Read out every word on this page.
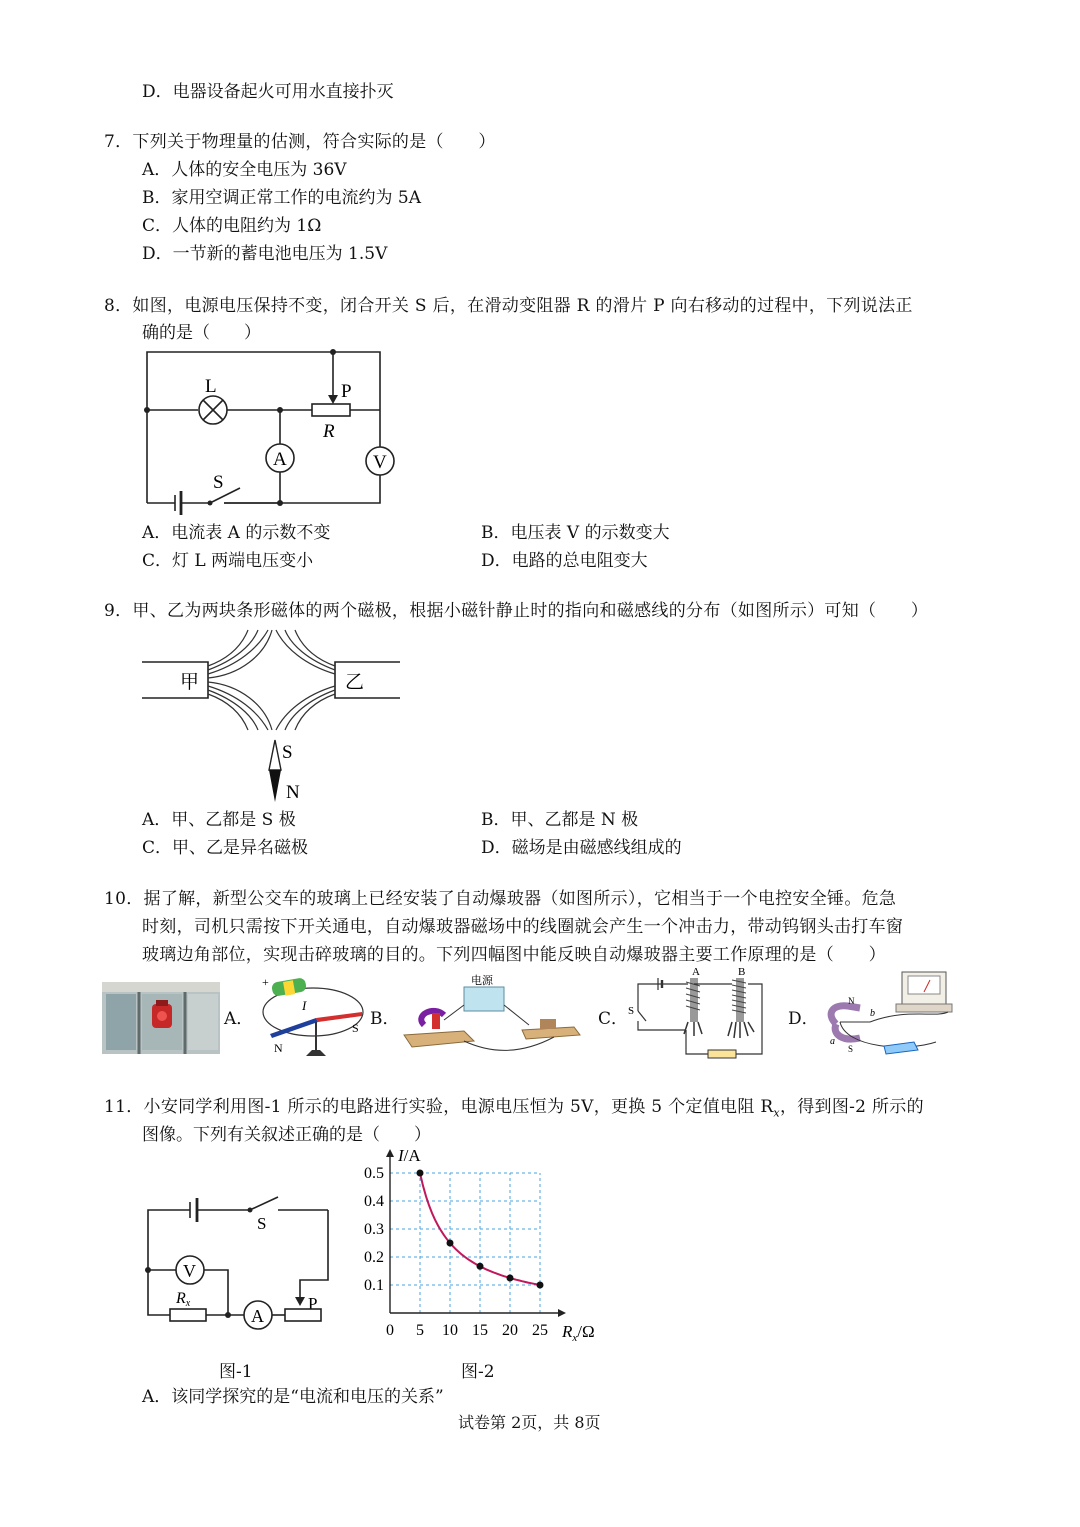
D．电器设备起火可用水直接扑灭
7．下列关于物理量的估测，符合实际的是（　　）
A．人体的安全电压为 36V
B．家用空调正常工作的电流约为 5A
C．人体的电阻约为 1Ω
D．一节新的蓄电池电压为 1.5V
8．如图，电源电压保持不变，闭合开关 S 后，在滑动变阻器 R 的滑片 P 向右移动的过程中，下列说法正
确的是（　　）
S
L
R
P
A	V
A．电流表 A 的示数不变	B．电压表 V 的示数变大
C．灯 L 两端电压变小	D．电路的总电阻变大
9．甲、乙为两块条形磁体的两个磁极，根据小磁针静止时的指向和磁感线的分布（如图所示）可知（　　）
甲	乙
S
N
A．甲、乙都是 S 极	B．甲、乙都是 N 极
C．甲、乙是异名磁极	D．磁场是由磁感线组成的
10．据了解，新型公交车的玻璃上已经安装了自动爆玻器（如图所示），它相当于一个电控安全锤。危急
时刻，司机只需按下开关通电，自动爆玻器磁场中的线圈就会产生一个冲击力，带动钨钢头击打车窗
玻璃边角部位，实现击碎玻璃的目的。下列四幅图中能反映自动爆玻器主要工作原理的是（　　）
A．
+
I
N
S B．
电源
C．
A	B
S	D．
N
S
a
b
11．小安同学利用图-1 所示的电路进行实验，电源电压恒为 5V，更换 5 个定值电阻 $R_x$，得到图-2 所示的
图像。下列有关叙述正确的是（　　）
S
P
V
Rx
A
图-1
0 5 10 15 20 25
0.1
0.2
0.3
0.4
0.5
I/A
$R_x/\Omega$
图-2
A．该同学探究的是“电流和电压的关系”
试卷第 2页，共 8页
